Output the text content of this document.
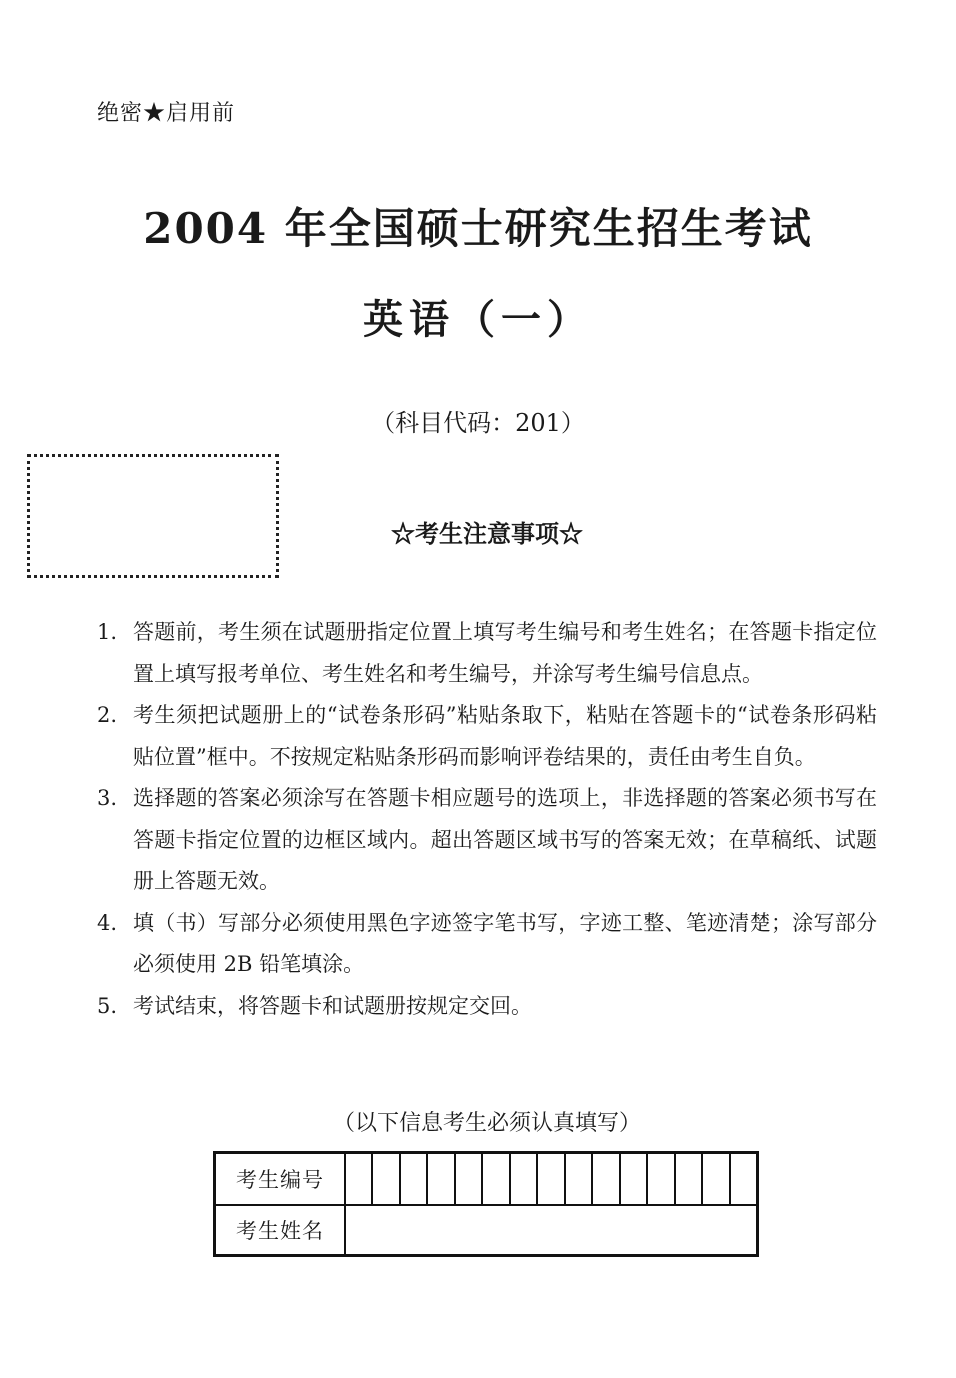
绝密★启用前
2004 年全国硕士研究生招生考试
英语（一）
（科目代码：201）
☆考生注意事项☆
1. 答题前，考生须在试题册指定位置上填写考生编号和考生姓名；在答题卡指定位置上填写报考单位、考生姓名和考生编号，并涂写考生编号信息点。
2. 考生须把试题册上的“试卷条形码”粘贴条取下，粘贴在答题卡的“试卷条形码粘贴位置”框中。不按规定粘贴条形码而影响评卷结果的，责任由考生自负。
3. 选择题的答案必须涂写在答题卡相应题号的选项上，非选择题的答案必须书写在答题卡指定位置的边框区域内。超出答题区域书写的答案无效；在草稿纸、试题册上答题无效。
4. 填（书）写部分必须使用黑色字迹签字笔书写，字迹工整、笔迹清楚；涂写部分必须使用 2B 铅笔填涂。
5. 考试结束，将答题卡和试题册按规定交回。
（以下信息考生必须认真填写）
考生编号
考生姓名
